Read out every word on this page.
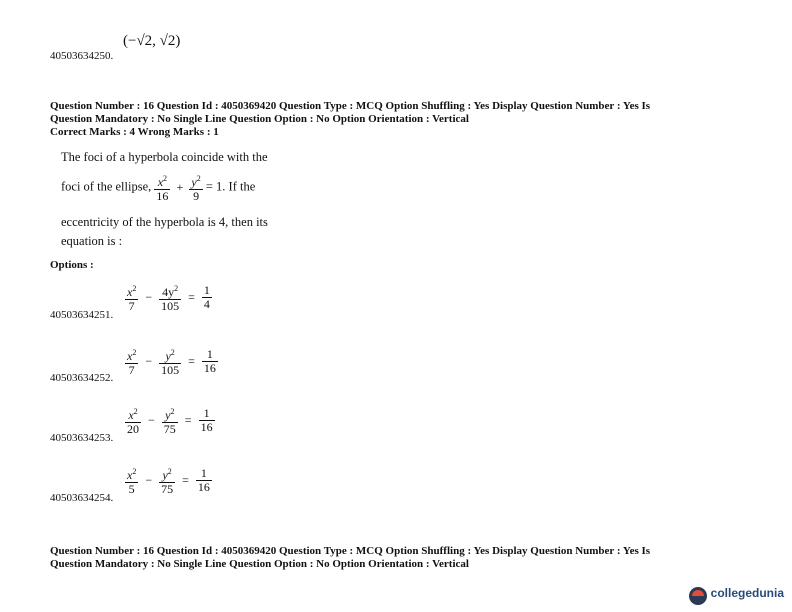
40503634250.
(−√2, √2)
Question Number : 16 Question Id : 4050369420 Question Type : MCQ Option Shuffling : Yes Display Question Number : Yes Is
Question Mandatory : No Single Line Question Option : No Option Orientation : Vertical
Correct Marks : 4 Wrong Marks : 1
The foci of a hyperbola coincide with the
foci of the ellipse, $\frac{x^2}{16} + \frac{y^2}{9} = 1$. If the
eccentricity of the hyperbola is 4, then its
equation is :
Options :
40503634251.
$\frac{x^2}{7} - \frac{4y^2}{105} = \frac{1}{4}$
40503634252.
$\frac{x^2}{7} - \frac{y^2}{105} = \frac{1}{16}$
40503634253.
$\frac{x^2}{20} - \frac{y^2}{75} = \frac{1}{16}$
40503634254.
$\frac{x^2}{5} - \frac{y^2}{75} = \frac{1}{16}$
Question Number : 16 Question Id : 4050369420 Question Type : MCQ Option Shuffling : Yes Display Question Number : Yes Is
Question Mandatory : No Single Line Question Option : No Option Orientation : Vertical
collegedunia
